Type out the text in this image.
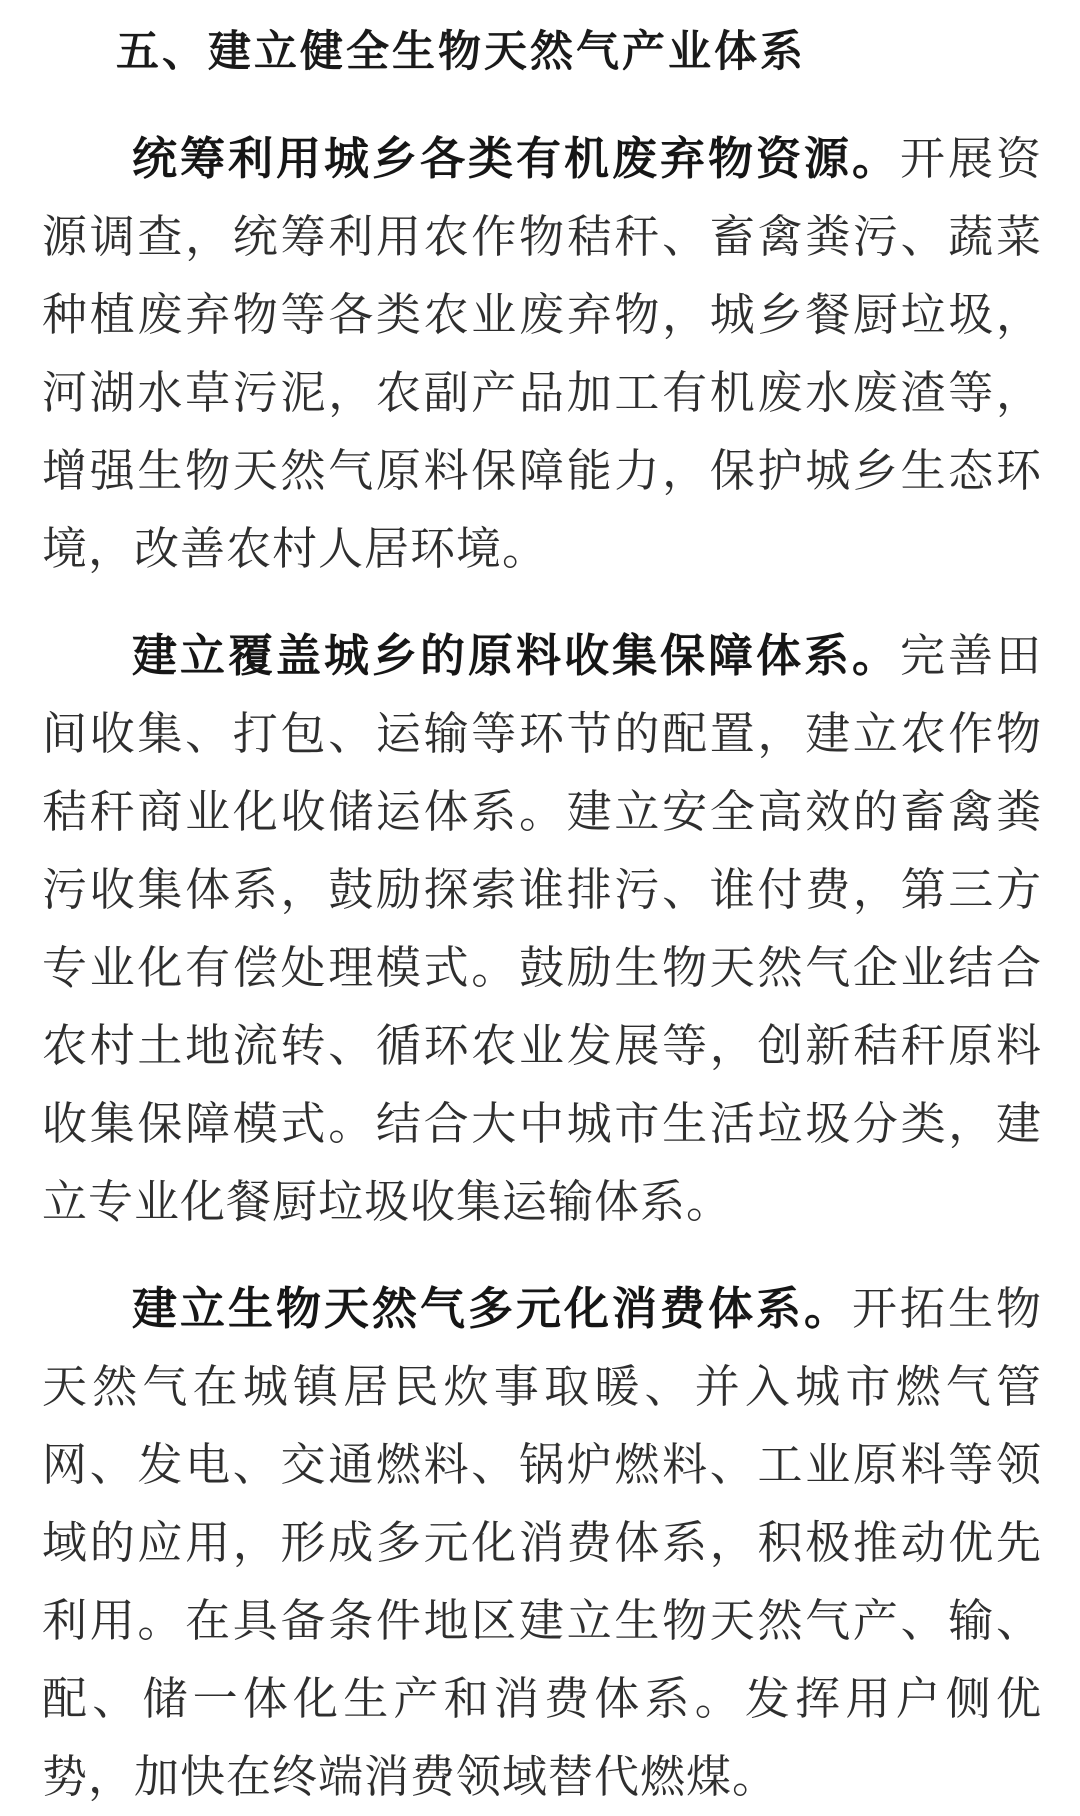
五、建立健全生物天然气产业体系

统筹利用城乡各类有机废弃物资源。开展资源调查，统筹利用农作物秸秆、畜禽粪污、蔬菜种植废弃物等各类农业废弃物，城乡餐厨垃圾，河湖水草污泥，农副产品加工有机废水废渣等，增强生物天然气原料保障能力，保护城乡生态环境，改善农村人居环境。

建立覆盖城乡的原料收集保障体系。完善田间收集、打包、运输等环节的配置，建立农作物秸秆商业化收储运体系。建立安全高效的畜禽粪污收集体系，鼓励探索谁排污、谁付费，第三方专业化有偿处理模式。鼓励生物天然气企业结合农村土地流转、循环农业发展等，创新秸秆原料收集保障模式。结合大中城市生活垃圾分类，建立专业化餐厨垃圾收集运输体系。

建立生物天然气多元化消费体系。开拓生物天然气在城镇居民炊事取暖、并入城市燃气管网、发电、交通燃料、锅炉燃料、工业原料等领域的应用，形成多元化消费体系，积极推动优先利用。在具备条件地区建立生物天然气产、输、配、储一体化生产和消费体系。发挥用户侧优势，加快在终端消费领域替代燃煤。
